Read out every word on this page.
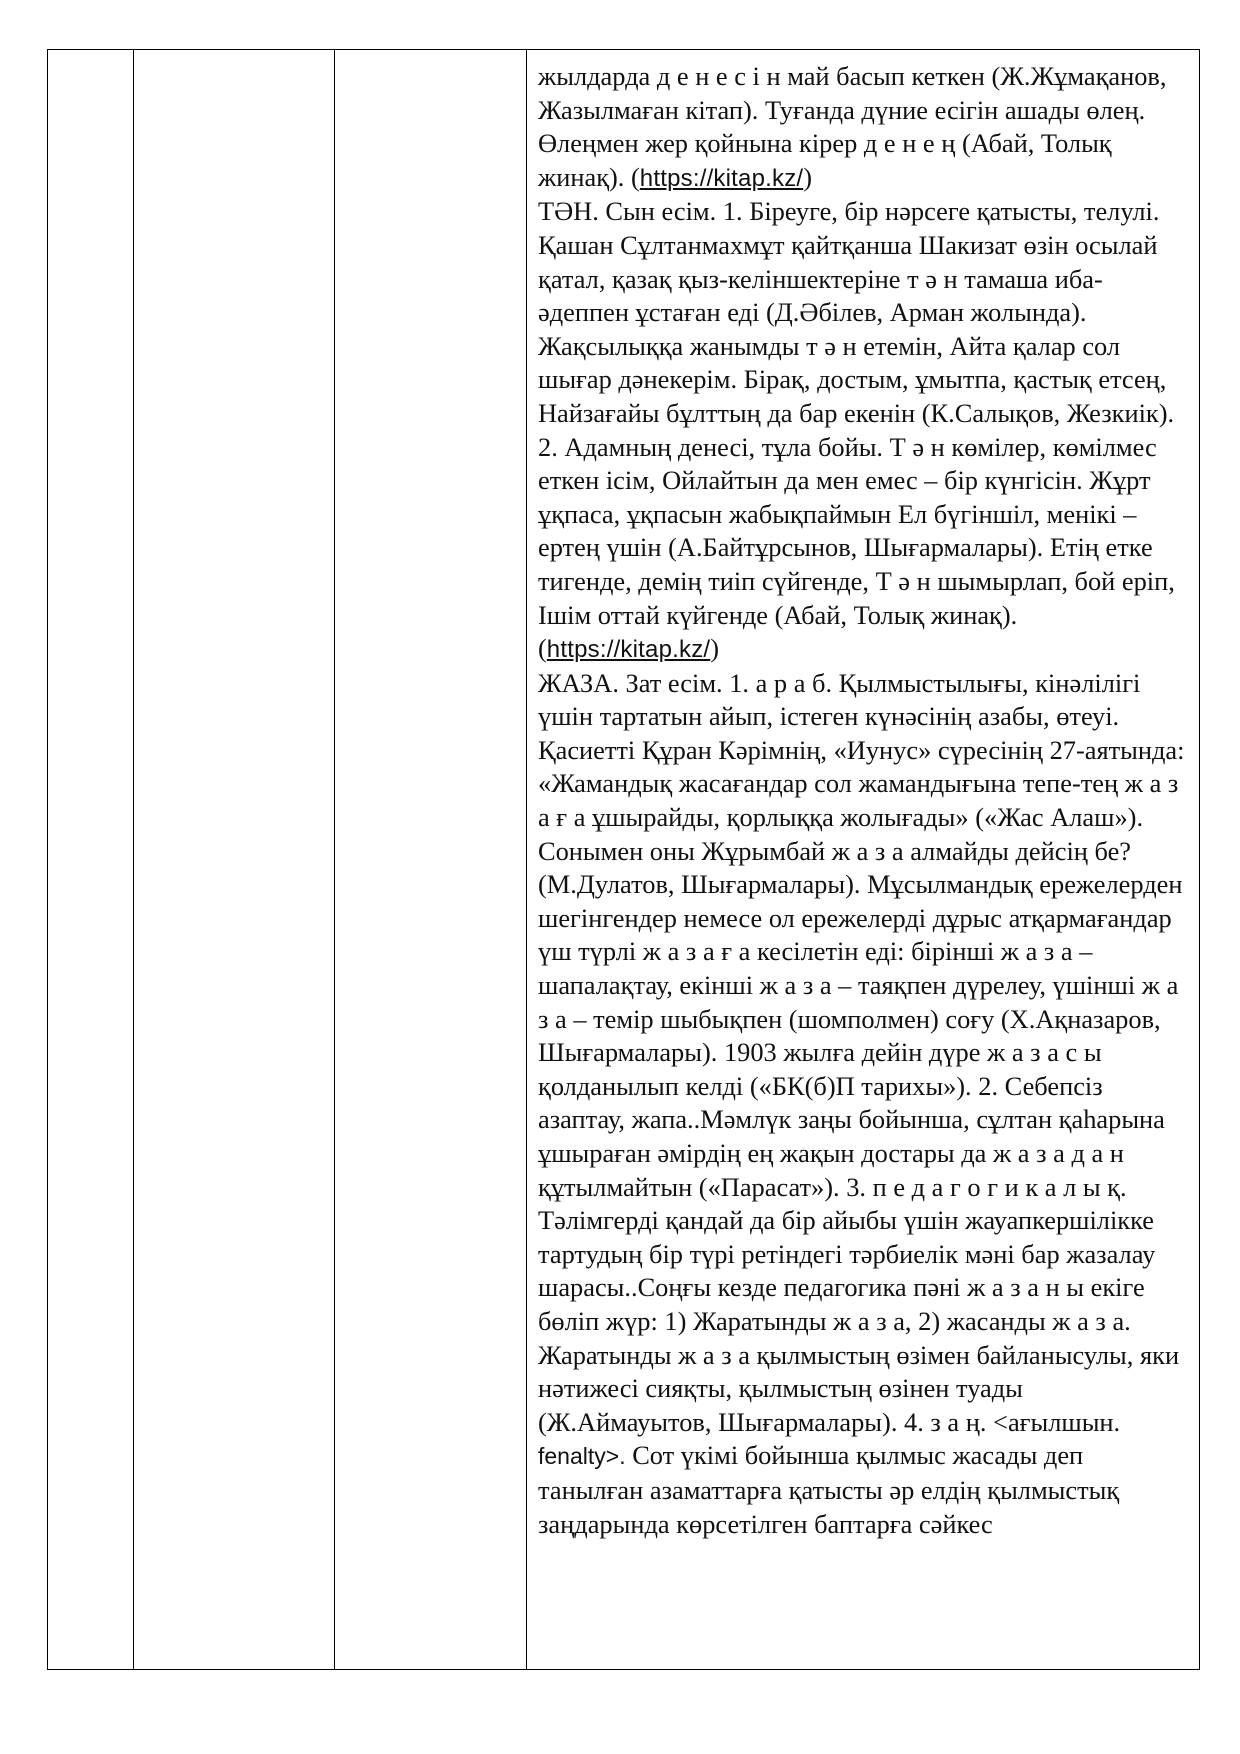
жылдарда д е н е с і н май басып кеткен (Ж.Жұмақанов, Жазылмаған кітап). Туғанда дүние есігін ашады өлең. Өлеңмен жер қойнына кірер д е н е ң (Абай, Толық жинақ). (https://kitap.kz/)

ТӘН. Сын есім. 1. Біреуге, бір нәрсеге қатысты, телулі. Қашан Сұлтанмахмұт қайтқанша Шакизат өзін осылай қатал, қазақ қыз-келіншектеріне т ә н тамаша иба-әдеппен ұстаған еді (Д.Әбілев, Арман жолында). Жақсылыққа жанымды т ә н етемін, Айта қалар сол шығар дәнекерім. Бірақ, достым, ұмытпа, қастық етсең, Найзағайы бұлттың да бар екенін (К.Салықов, Жезкиік). 2. Адамның денесі, тұла бойы. Т ә н көмілер, көмілмес еткен ісім, Ойлайтын да мен емес – бір күнгісін. Жұрт ұқпаса, ұқпасын жабықпаймын Ел бүгіншіл, менікі – ертең үшін (А.Байтұрсынов, Шығармалары). Етің етке тигенде, демің тиіп сүйгенде, Т ә н шымырлап, бой еріп, Ішім оттай күйгенде (Абай, Толық жинақ). (https://kitap.kz/)

ЖАЗА. Зат есім. 1. а р а б. Қылмыстылығы, кінәлілігі үшін тартатын айып, істеген күнәсінің азабы, өтеуі. Қасиетті Құран Кәрімнің, «Иунус» сүресінің 27-аятында: «Жамандық жасағандар сол жамандығына тепе-тең ж а з а ғ а ұшырайды, қорлыққа жолығады» («Жас Алаш»). Сонымен оны Жұрымбай ж а з а алмайды дейсің бе? (М.Дулатов, Шығармалары). Мұсылмандық ережелерден шегінгендер немесе ол ережелерді дұрыс атқармағандар үш түрлі ж а з а ғ а кесілетін еді: бірінші ж а з а – шапалақтау, екінші ж а з а – таяқпен дүрелеу, үшінші ж а з а – темір шыбықпен (шомполмен) соғу (Х.Ақназаров, Шығармалары). 1903 жылға дейін дүре ж а з а с ы қолданылып келді («БК(б)П тарихы»). 2. Себепсіз азаптау, жапа..Мәмлүк заңы бойынша, сұлтан қаһарына ұшыраған әмірдің ең жақын достары да ж а з а д а н құтылмайтын («Парасат»). 3. п е д а г о г и к а л ы қ. Тәлімгерді қандай да бір айыбы үшін жауапкершілікке тартудың бір түрі ретіндегі тәрбиелік мәні бар жазалау шарасы..Соңғы кезде педагогика пәні ж а з а н ы екіге бөліп жүр: 1) Жаратынды ж а з а, 2) жасанды ж а з а. Жаратынды ж а з а қылмыстың өзімен байланысулы, яки нәтижесі сияқты, қылмыстың өзінен туады (Ж.Аймауытов, Шығармалары). 4. з а ң. <ағылшын. fenalty>. Сот үкімі бойынша қылмыс жасады деп танылған азаматтарға қатысты әр елдің қылмыстық заңдарында көрсетілген баптарға сәйкес
